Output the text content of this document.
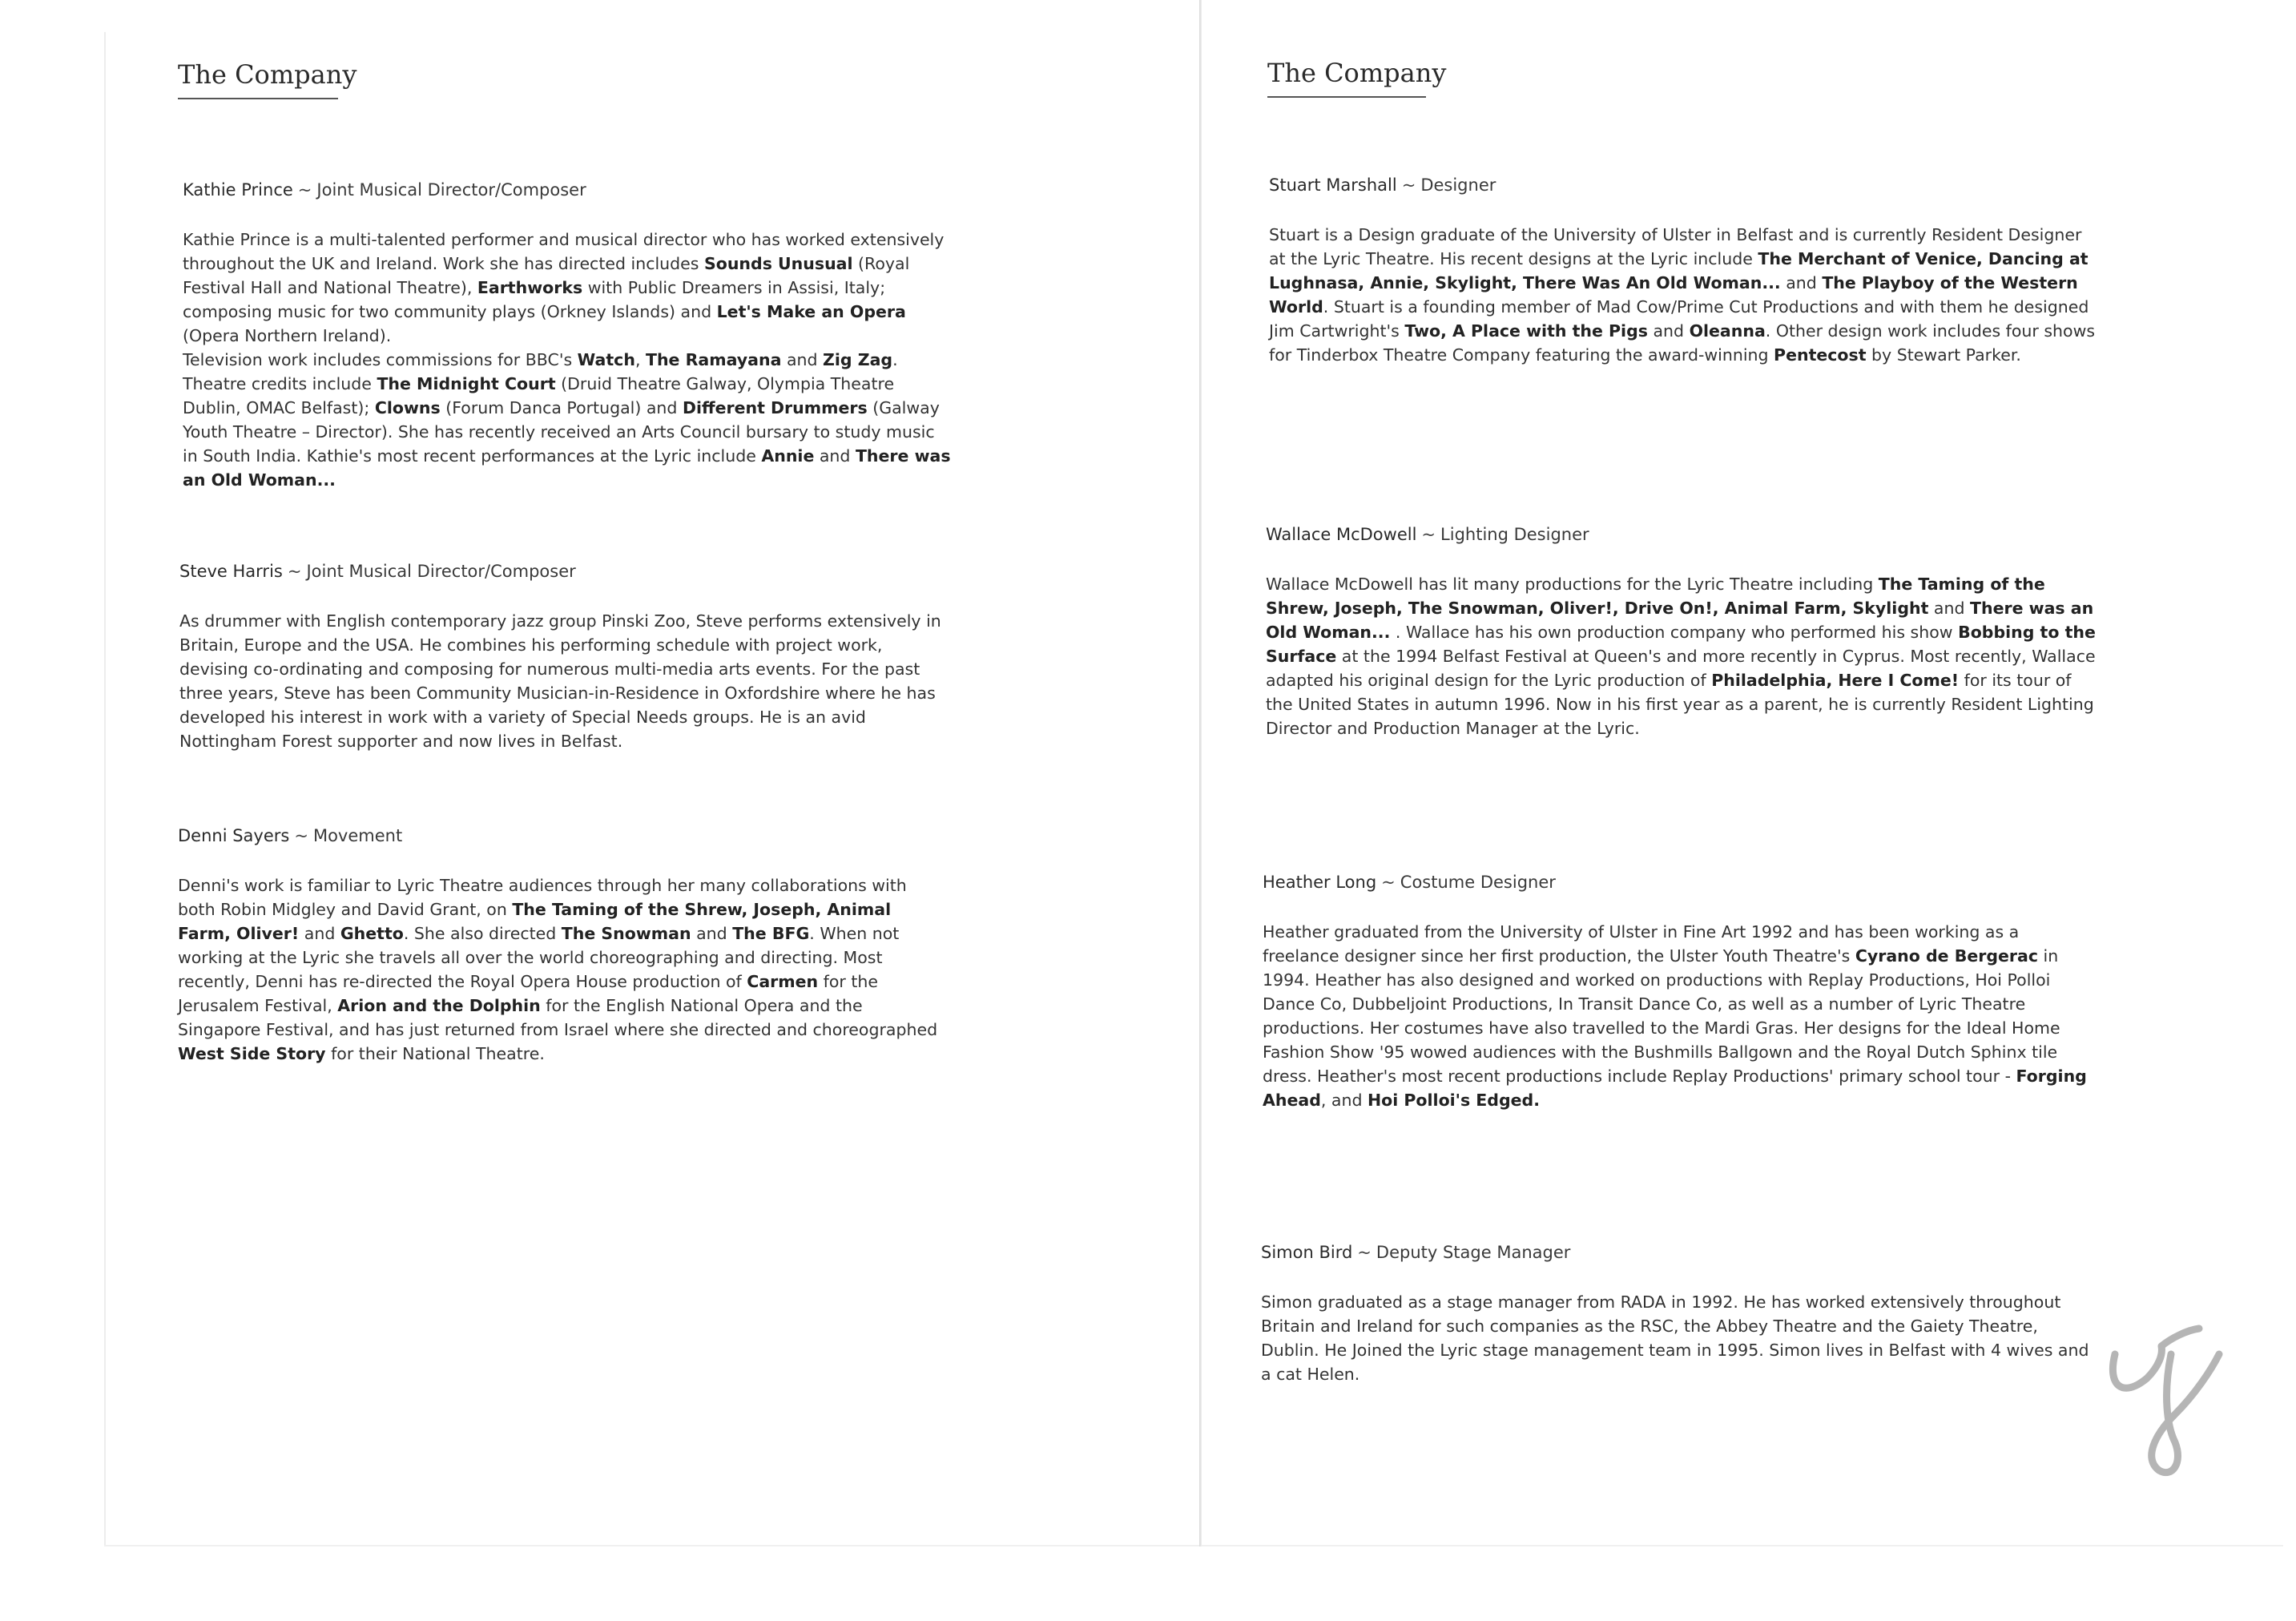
The Company

Kathie Prince ~ Joint Musical Director/Composer

Kathie Prince is a multi-talented performer and musical director who has worked extensively throughout the UK and Ireland. Work she has directed includes Sounds Unusual (Royal Festival Hall and National Theatre), Earthworks with Public Dreamers in Assisi, Italy; composing music for two community plays (Orkney Islands) and Let's Make an Opera (Opera Northern Ireland).
Television work includes commissions for BBC's Watch, The Ramayana and Zig Zag.
Theatre credits include The Midnight Court (Druid Theatre Galway, Olympia Theatre Dublin, OMAC Belfast); Clowns (Forum Danca Portugal) and Different Drummers (Galway Youth Theatre – Director). She has recently received an Arts Council bursary to study music in South India. Kathie's most recent performances at the Lyric include Annie and There was an Old Woman...

Steve Harris ~ Joint Musical Director/Composer

As drummer with English contemporary jazz group Pinski Zoo, Steve performs extensively in Britain, Europe and the USA. He combines his performing schedule with project work, devising co-ordinating and composing for numerous multi-media arts events. For the past three years, Steve has been Community Musician-in-Residence in Oxfordshire where he has developed his interest in work with a variety of Special Needs groups. He is an avid Nottingham Forest supporter and now lives in Belfast.

Denni Sayers ~ Movement

Denni's work is familiar to Lyric Theatre audiences through her many collaborations with both Robin Midgley and David Grant, on The Taming of the Shrew, Joseph, Animal Farm, Oliver! and Ghetto. She also directed The Snowman and The BFG. When not working at the Lyric she travels all over the world choreographing and directing. Most recently, Denni has re-directed the Royal Opera House production of Carmen for the Jerusalem Festival, Arion and the Dolphin for the English National Opera and the Singapore Festival, and has just returned from Israel where she directed and choreographed West Side Story for their National Theatre.

The Company

Stuart Marshall ~ Designer

Stuart is a Design graduate of the University of Ulster in Belfast and is currently Resident Designer at the Lyric Theatre. His recent designs at the Lyric include The Merchant of Venice, Dancing at Lughnasa, Annie, Skylight, There Was An Old Woman... and The Playboy of the Western World. Stuart is a founding member of Mad Cow/Prime Cut Productions and with them he designed Jim Cartwright's Two, A Place with the Pigs and Oleanna. Other design work includes four shows for Tinderbox Theatre Company featuring the award-winning Pentecost by Stewart Parker.

Wallace McDowell ~ Lighting Designer

Wallace McDowell has lit many productions for the Lyric Theatre including The Taming of the Shrew, Joseph, The Snowman, Oliver!, Drive On!, Animal Farm, Skylight and There was an Old Woman... . Wallace has his own production company who performed his show Bobbing to the Surface at the 1994 Belfast Festival at Queen's and more recently in Cyprus. Most recently, Wallace adapted his original design for the Lyric production of Philadelphia, Here I Come! for its tour of the United States in autumn 1996. Now in his first year as a parent, he is currently Resident Lighting Director and Production Manager at the Lyric.

Heather Long ~ Costume Designer

Heather graduated from the University of Ulster in Fine Art 1992 and has been working as a freelance designer since her first production, the Ulster Youth Theatre's Cyrano de Bergerac in 1994. Heather has also designed and worked on productions with Replay Productions, Hoi Polloi Dance Co, Dubbeljoint Productions, In Transit Dance Co, as well as a number of Lyric Theatre productions. Her costumes have also travelled to the Mardi Gras. Her designs for the Ideal Home Fashion Show '95 wowed audiences with the Bushmills Ballgown and the Royal Dutch Sphinx tile dress. Heather's most recent productions include Replay Productions' primary school tour - Forging Ahead, and Hoi Polloi's Edged.

Simon Bird ~ Deputy Stage Manager

Simon graduated as a stage manager from RADA in 1992. He has worked extensively throughout Britain and Ireland for such companies as the RSC, the Abbey Theatre and the Gaiety Theatre, Dublin. He Joined the Lyric stage management team in 1995. Simon lives in Belfast with 4 wives and a cat Helen.
